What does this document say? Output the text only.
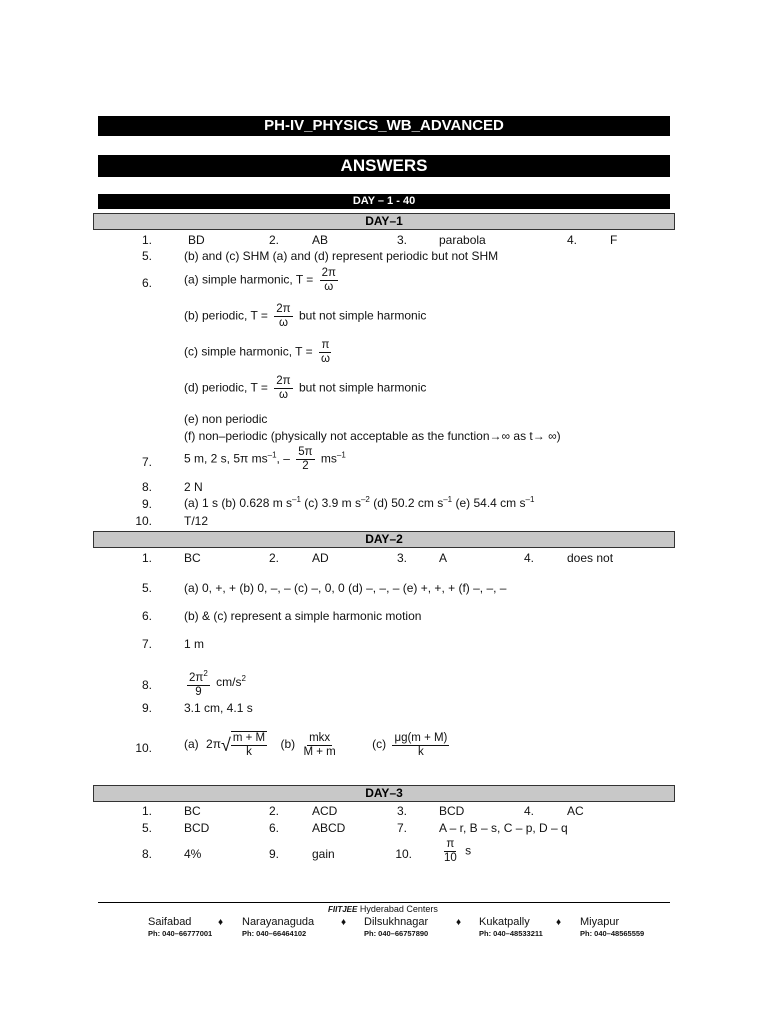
PH-IV_PHYSICS_WB_ADVANCED
ANSWERS
DAY – 1 - 40
DAY–1
1.	BD	2.	AB	3.	parabola	4.	F
5.	(b) and (c) SHM (a) and (d) represent periodic but not SHM
6.	(a) simple harmonic, $T = \frac{2\pi}{\omega}$
(b) periodic, $T = \frac{2\pi}{\omega}$ but not simple harmonic
(c) simple harmonic, $T = \frac{\pi}{\omega}$
(d) periodic, $T = \frac{2\pi}{\omega}$ but not simple harmonic
(e) non periodic
(f) non–periodic (physically not acceptable as the function→∞ as t→ ∞)
7.	5 m, 2 s, 5π $ms^{-1}$, – $\frac{5\pi}{2} ms^{-1}$
8.	2 N
9.	(a) 1 s (b) 0.628 m $s^{-1}$ (c) 3.9 m $s^{-2}$ (d) 50.2 cm $s^{-1}$ (e) 54.4 cm $s^{-1}$
10.	T/12
DAY–2
1.	BC	2.	AD	3.	A	4.	does not
5.	(a) 0, +, + (b) 0, –, – (c) –, 0, 0 (d) –, –, – (e) +, +, + (f) –, –, –
6.	(b) & (c) represent a simple harmonic motion
7.	1 m
8.	$\frac{2\pi^2}{9} cm/s^2$
9.	3.1 cm, 4.1 s
10.	(a) 2π √ $\frac{m + M}{k} (b) \frac{\text{mkx}}{M + m}$	$(c) \frac{\mu g(m + M)}{k}$
DAY–3
1.	BC	2.	ACD	3.	BCD	4.	AC
5.	BCD	6.	ABCD	7.	A – r, B – s, C – p, D – q
8.	4%	9.	gain	10.	$\frac{\pi}{10}$ s
FIITJEE Hyderabad Centers
Saifabad
Ph: 040–66777001
♦ Narayanaguda
Ph: 040–66464102
♦ Dilsukhnagar
Ph: 040–66757890
♦ Kukatpally
Ph: 040–48533211
♦ Miyapur
Ph: 040–48565559
